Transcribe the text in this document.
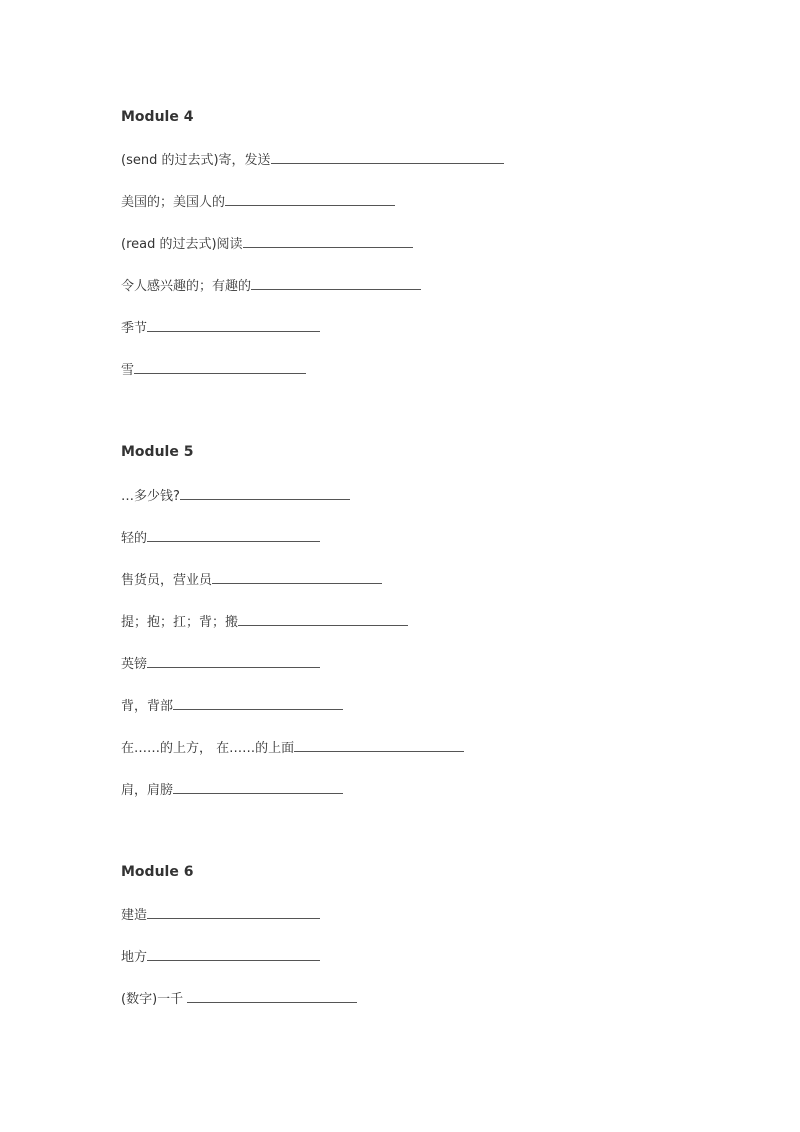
Module 4
(send 的过去式)寄，发送
美国的；美国人的
(read 的过去式)阅读
令人感兴趣的；有趣的
季节
雪
Module 5
…多少钱?
轻的
售货员，营业员
提；抱；扛；背；搬
英镑
背，背部
在……的上方， 在……的上面
肩，肩膀
Module 6
建造
地方
(数字)一千
